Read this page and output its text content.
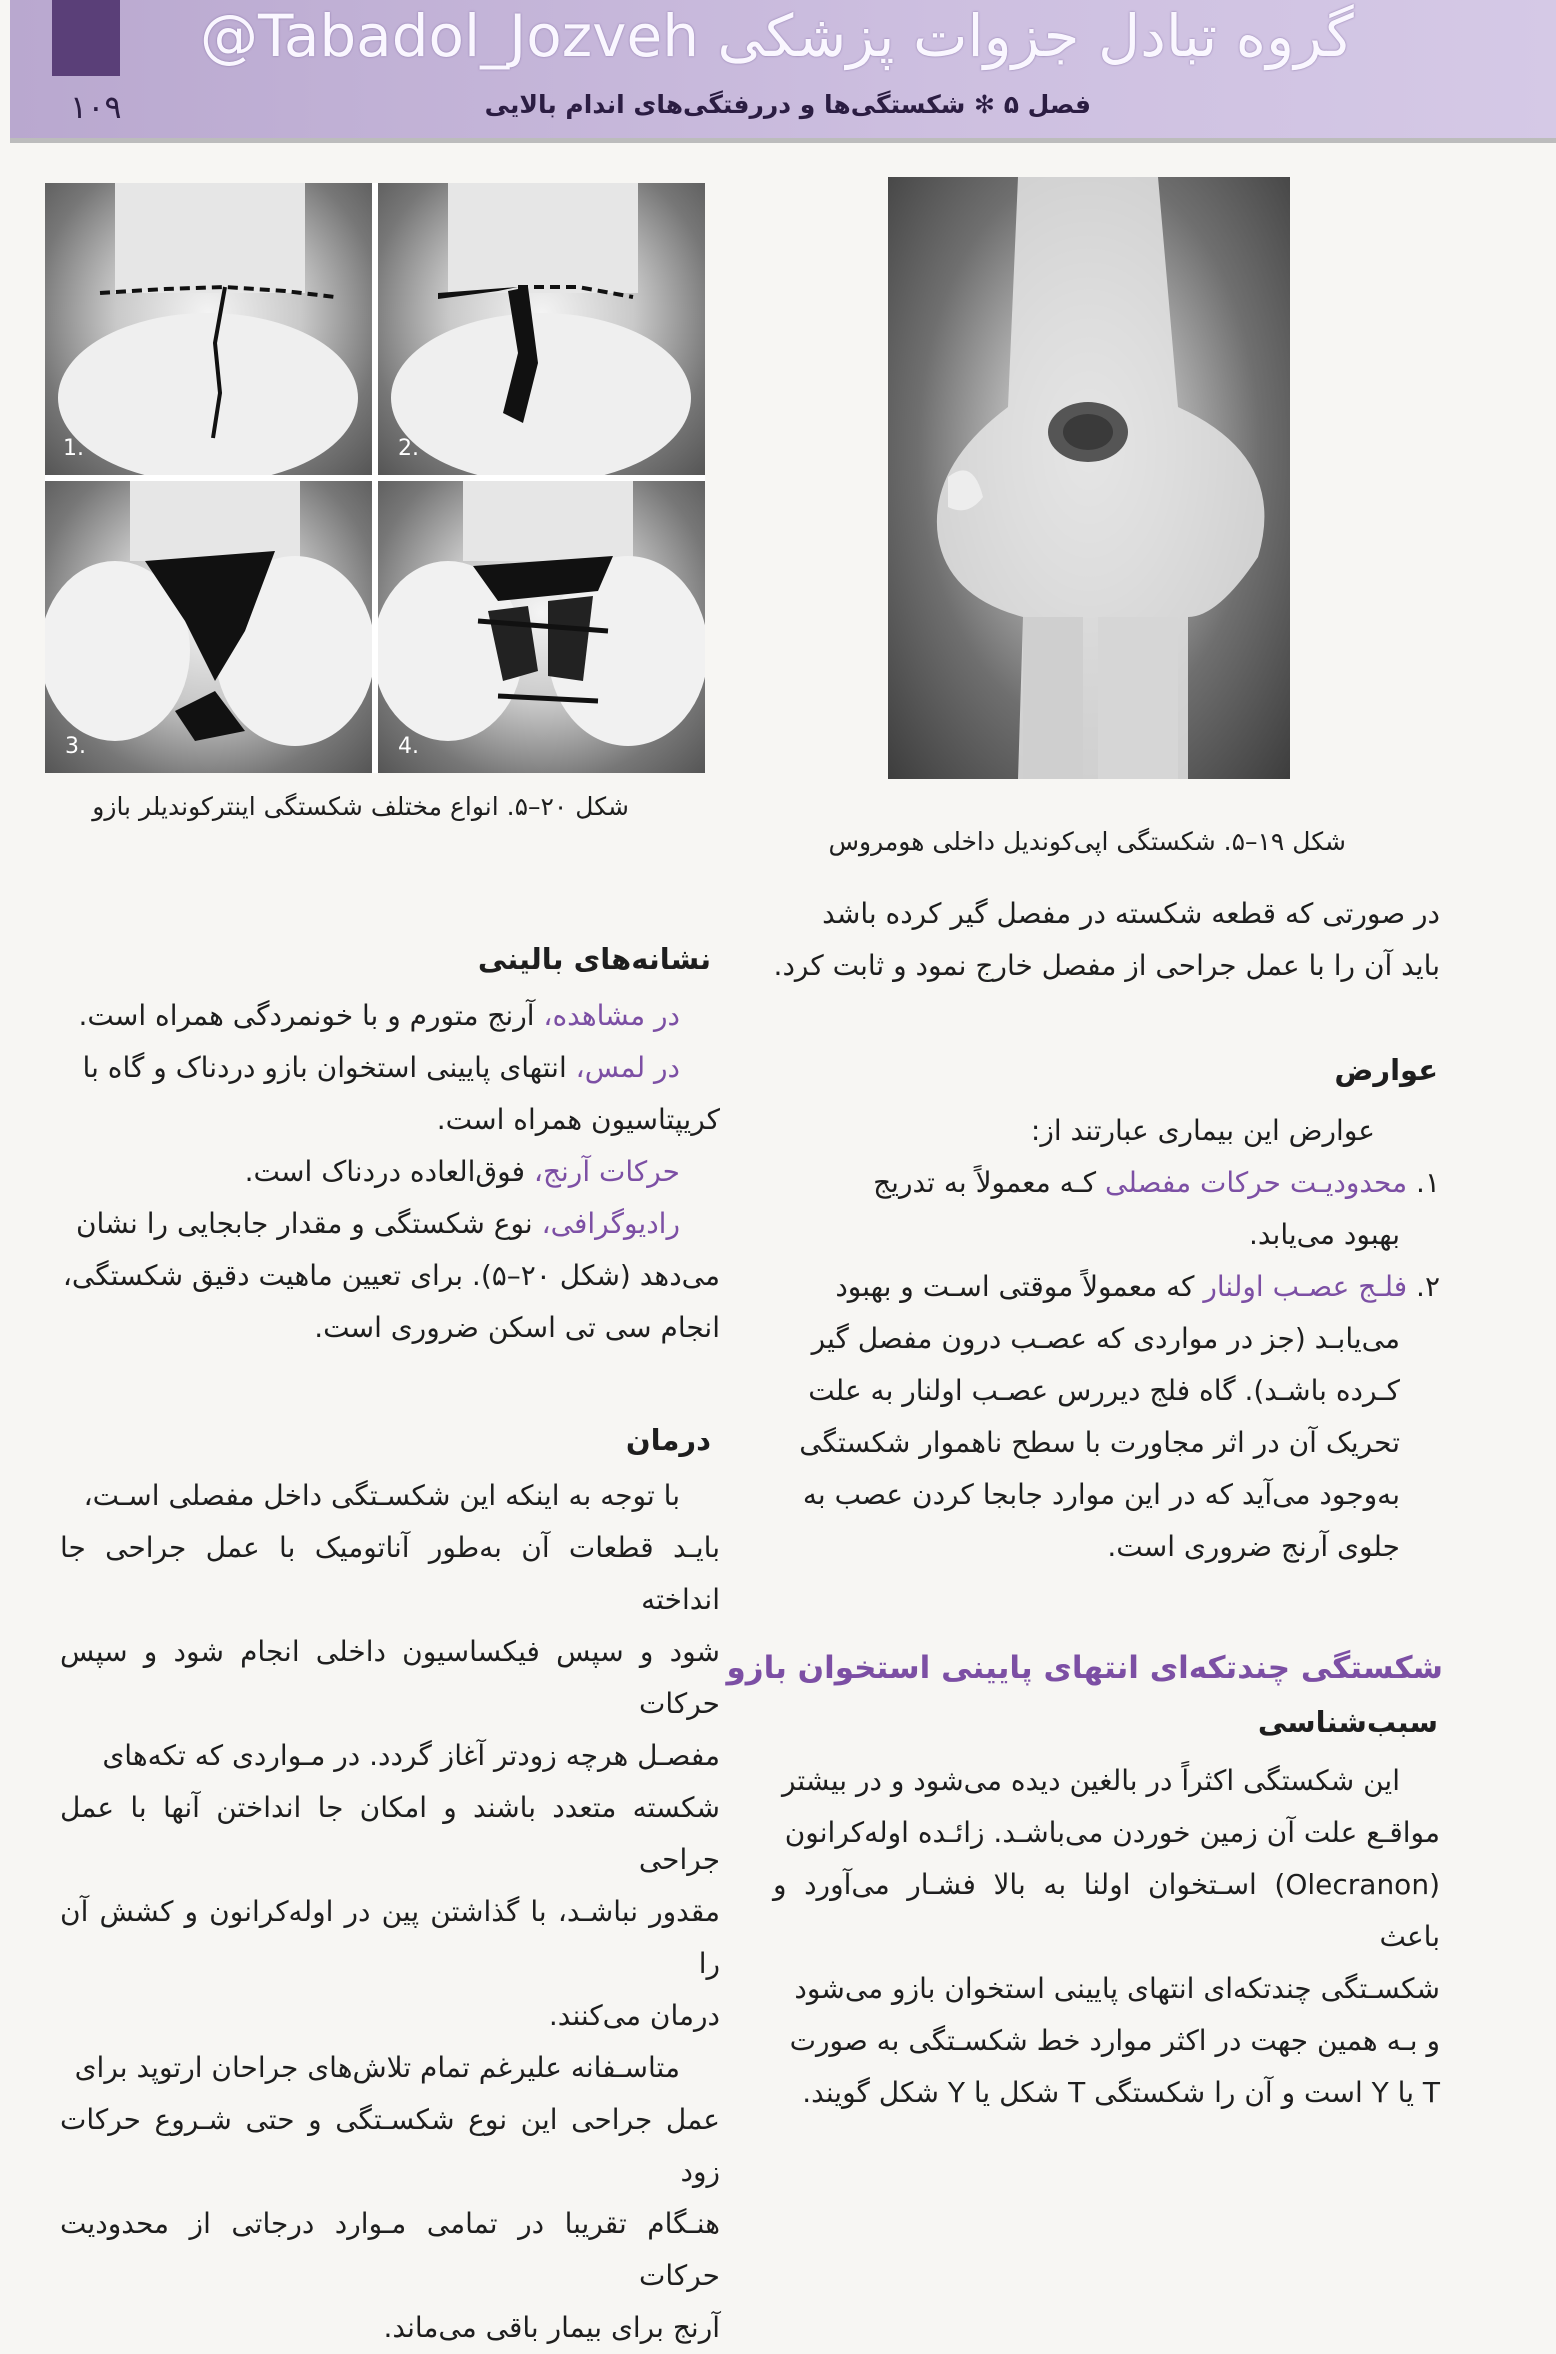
@Tabadol_Jozveh گروه تبادل جزوات پزشکی
فصل ۵ ✻ شکستگی‌ها و دررفتگی‌های اندام بالایی
۱۰۹
1.	2.
3.	4.
شکل ۲۰–۵. انواع مختلف شکستگی اینترکوندیلر بازو
شکل ۱۹–۵. شکستگی اپی‌کوندیل داخلی هومروس

در صورتی که قطعه شکسته در مفصل گیر کرده باشد

باید آن را با عمل جراحی از مفصل خارج نمود و ثابت کرد.

عوارض

عوارض این بیماری عبارتند از:

۱. محدودیـت حرکات مفصلی کـه معمولاً به تدریج

بهبود می‌یابد.

۲. فلـج عصـب اولنار که معمولاً موقتی اسـت و بهبود

می‌یابـد (جز در مواردی که عصـب درون مفصل گیر

کـرده باشـد). گاه فلج دیررس عصـب اولنار به علت

تحریک آن در اثر مجاورت با سطح ناهموار شکستگی

به‌وجود می‌آید که در این موارد جابجا کردن عصب به

جلوی آرنج ضروری است.

شکستگی چندتکه‌ای انتهای پایینی استخوان بازو
سبب‌شناسی

این شکستگی اکثراً در بالغین دیده می‌شود و در بیشتر

مواقـع علت آن زمین خوردن می‌باشـد. زائـده اوله‌کرانون

(Olecranon) اسـتخوان اولنا به بالا فشـار می‌آورد و باعث

شکسـتگی چندتکه‌ای انتهای پایینی استخوان بازو می‌شود

و بـه همین جهت در اکثر موارد خط شکسـتگی به صورت

T یا Y است و آن را شکستگی T شکل یا Y شکل گویند.

نشانه‌های بالینی

در مشاهده، آرنج متورم و با خونمردگی همراه است.

در لمس، انتهای پایینی استخوان بازو دردناک و گاه با

کریپتاسیون همراه است.

حرکات آرنج، فوق‌العاده دردناک است.

رادیوگرافی، نوع شکستگی و مقدار جابجایی را نشان

می‌دهد (شکل ۲۰–۵). برای تعیین ماهیت دقیق شکستگی،

انجام سی تی اسکن ضروری است.

درمان

با توجه به اینکه این شکسـتگی داخل مفصلی اسـت،

بایـد قطعات آن به‌طور آناتومیک با عمل جراحی جا انداخته

شود و سپس فیکساسیون داخلی انجام شود و سپس حرکات

مفصـل هرچه زودتر آغاز گردد. در مـواردی که تکه‌های

شکسته متعدد باشند و امکان جا انداختن آنها با عمل جراحی

مقدور نباشـد، با گذاشتن پین در اوله‌کرانون و کشش آن را

درمان می‌کنند.

متاسـفانه علیرغم تمام تلاش‌های جراحان ارتوپد برای

عمل جراحی این نوع شکسـتگی و حتی شـروع حرکات زود

هنـگام تقریبا در تمامی مـوارد درجاتی از محدودیت حرکات

آرنج برای بیمار باقی می‌ماند.
